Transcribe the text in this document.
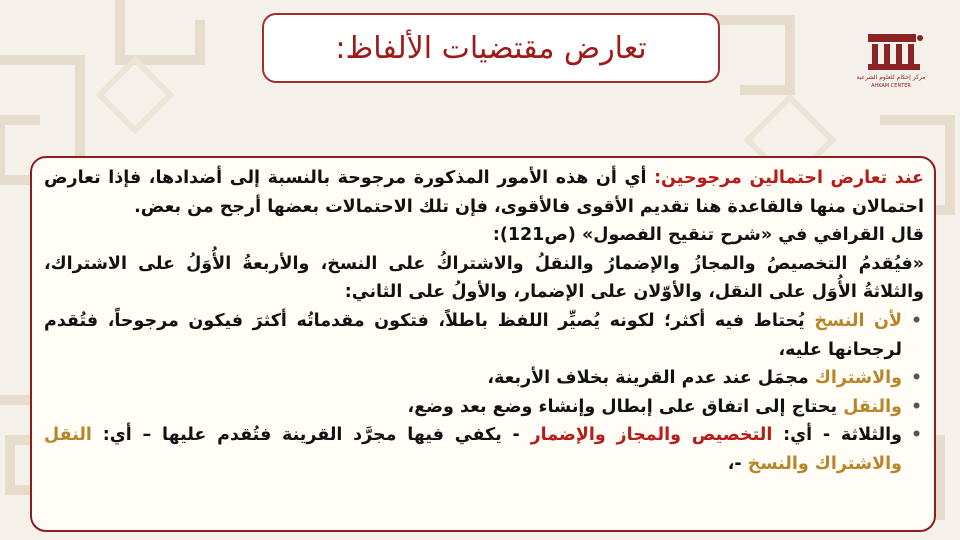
تعارض مقتضيات الألفاظ:
مركز إحكام للعلوم الشرعية
AHKAM CENTER

عند تعارض احتمالين مرجوحين: أي أن هذه الأمور المذكورة مرجوحة بالنسبة إلى أضدادها، فإذا تعارض احتمالان منها فالقاعدة هنا تقديم الأقوى فالأقوى، فإن تلك الاحتمالات بعضها أرجح من بعض.

قال القرافي في «شرح تنقيح الفصول» (ص121):

«فيُقدمُ التخصيصُ والمجازُ والإضمارُ والنقلُ والاشتراكُ على النسخ، والأربعةُ الأُوَلُ على الاشتراك، والثلاثةُ الأُوَل على النقل، والأوّلان على الإضمار، والأولُ على الثاني:

• لأن النسخ يُحتاط فيه أكثر؛ لكونه يُصيِّر اللفظ باطلاً، فتكون مقدماتُه أكثرَ فيكون مرجوحاً، فتُقدم لرجحانها عليه،
• والاشتراك مجمَل عند عدم القرينة بخلاف الأربعة،
• والنقل يحتاج إلى اتفاق على إبطال وإنشاء وضع بعد وضع،
• والثلاثة - أي: التخصيص والمجاز والإضمار - يكفي فيها مجرَّد القرينة فتُقدم عليها – أي: النقل والاشتراك والنسخ -،
